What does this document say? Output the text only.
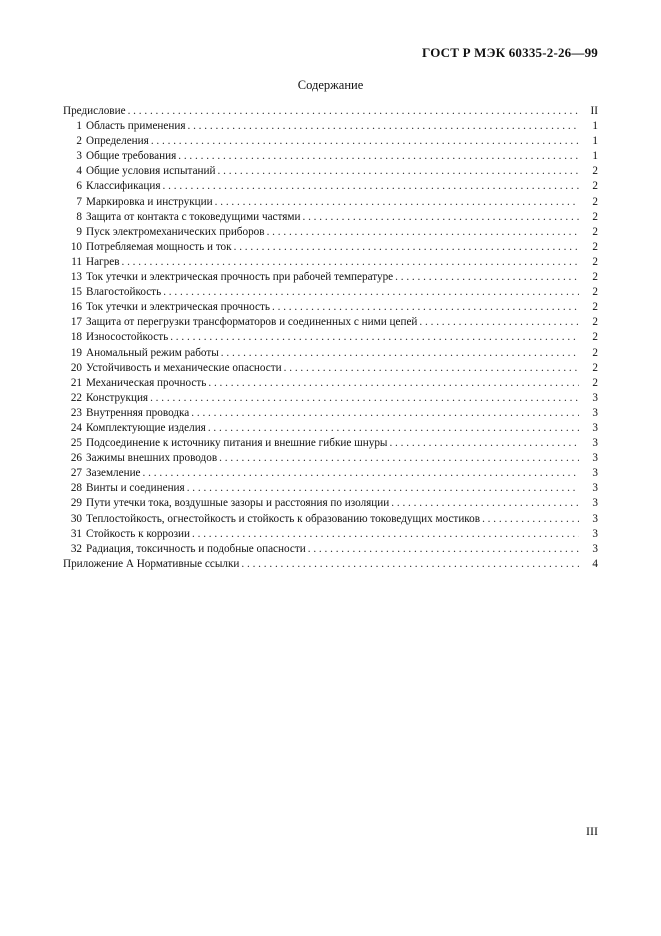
ГОСТ Р МЭК 60335-2-26—99
Содержание
Предисловие . . .	II
1 Область применения . . .	1
2 Определения . . .	1
3 Общие требования . . .	1
4 Общие условия испытаний . . .	2
6 Классификация . . .	2
7 Маркировка и инструкции . . .	2
8 Защита от контакта с токоведущими частями . . .	2
9 Пуск электромеханических приборов . . .	2
10 Потребляемая мощность и ток . . .	2
11 Нагрев . . .	2
13 Ток утечки и электрическая прочность при рабочей температуре . . .	2
15 Влагостойкость . . .	2
16 Ток утечки и электрическая прочность . . .	2
17 Защита от перегрузки трансформаторов и соединенных с ними цепей . . .	2
18 Износостойкость . . .	2
19 Аномальный режим работы . . .	2
20 Устойчивость и механические опасности . . .	2
21 Механическая прочность . . .	2
22 Конструкция . . .	3
23 Внутренняя проводка . . .	3
24 Комплектующие изделия . . .	3
25 Подсоединение к источнику питания и внешние гибкие шнуры . . .	3
26 Зажимы внешних проводов . . .	3
27 Заземление . . .	3
28 Винты и соединения . . .	3
29 Пути утечки тока, воздушные зазоры и расстояния по изоляции . . .	3
30 Теплостойкость, огнестойкость и стойкость к образованию токоведущих мостиков . . .	3
31 Стойкость к коррозии . . .	3
32 Радиация, токсичность и подобные опасности . . .	3
Приложение А Нормативные ссылки . . .	4
III
